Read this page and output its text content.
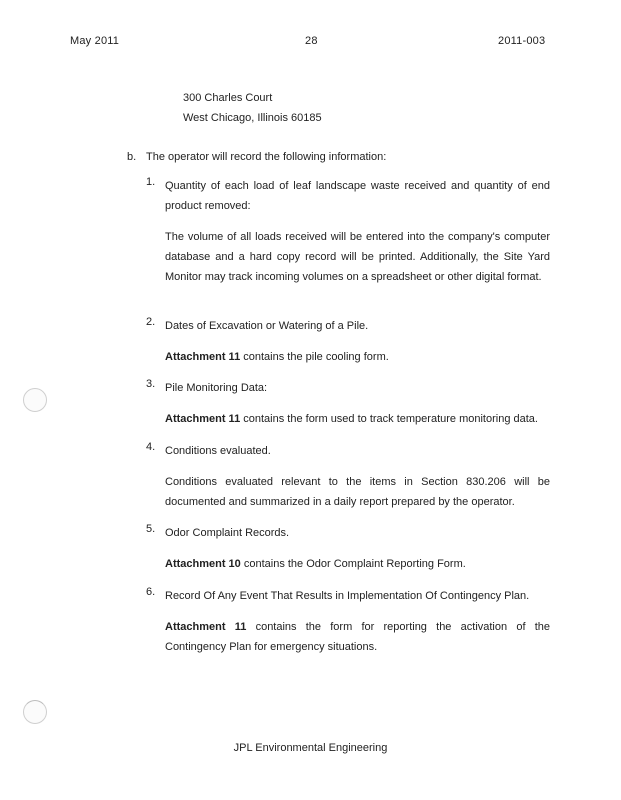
May 2011	28	2011-003
300 Charles Court
West Chicago, Illinois 60185
b. The operator will record the following information:
1. Quantity of each load of leaf landscape waste received and quantity of end product removed:
The volume of all loads received will be entered into the company's computer database and a hard copy record will be printed. Additionally, the Site Yard Monitor may track incoming volumes on a spreadsheet or other digital format.
2. Dates of Excavation or Watering of a Pile.
Attachment 11 contains the pile cooling form.
3. Pile Monitoring Data:
Attachment 11 contains the form used to track temperature monitoring data.
4. Conditions evaluated.
Conditions evaluated relevant to the items in Section 830.206 will be documented and summarized in a daily report prepared by the operator.
5. Odor Complaint Records.
Attachment 10 contains the Odor Complaint Reporting Form.
6. Record Of Any Event That Results in Implementation Of Contingency Plan.
Attachment 11 contains the form for reporting the activation of the Contingency Plan for emergency situations.
JPL Environmental Engineering
